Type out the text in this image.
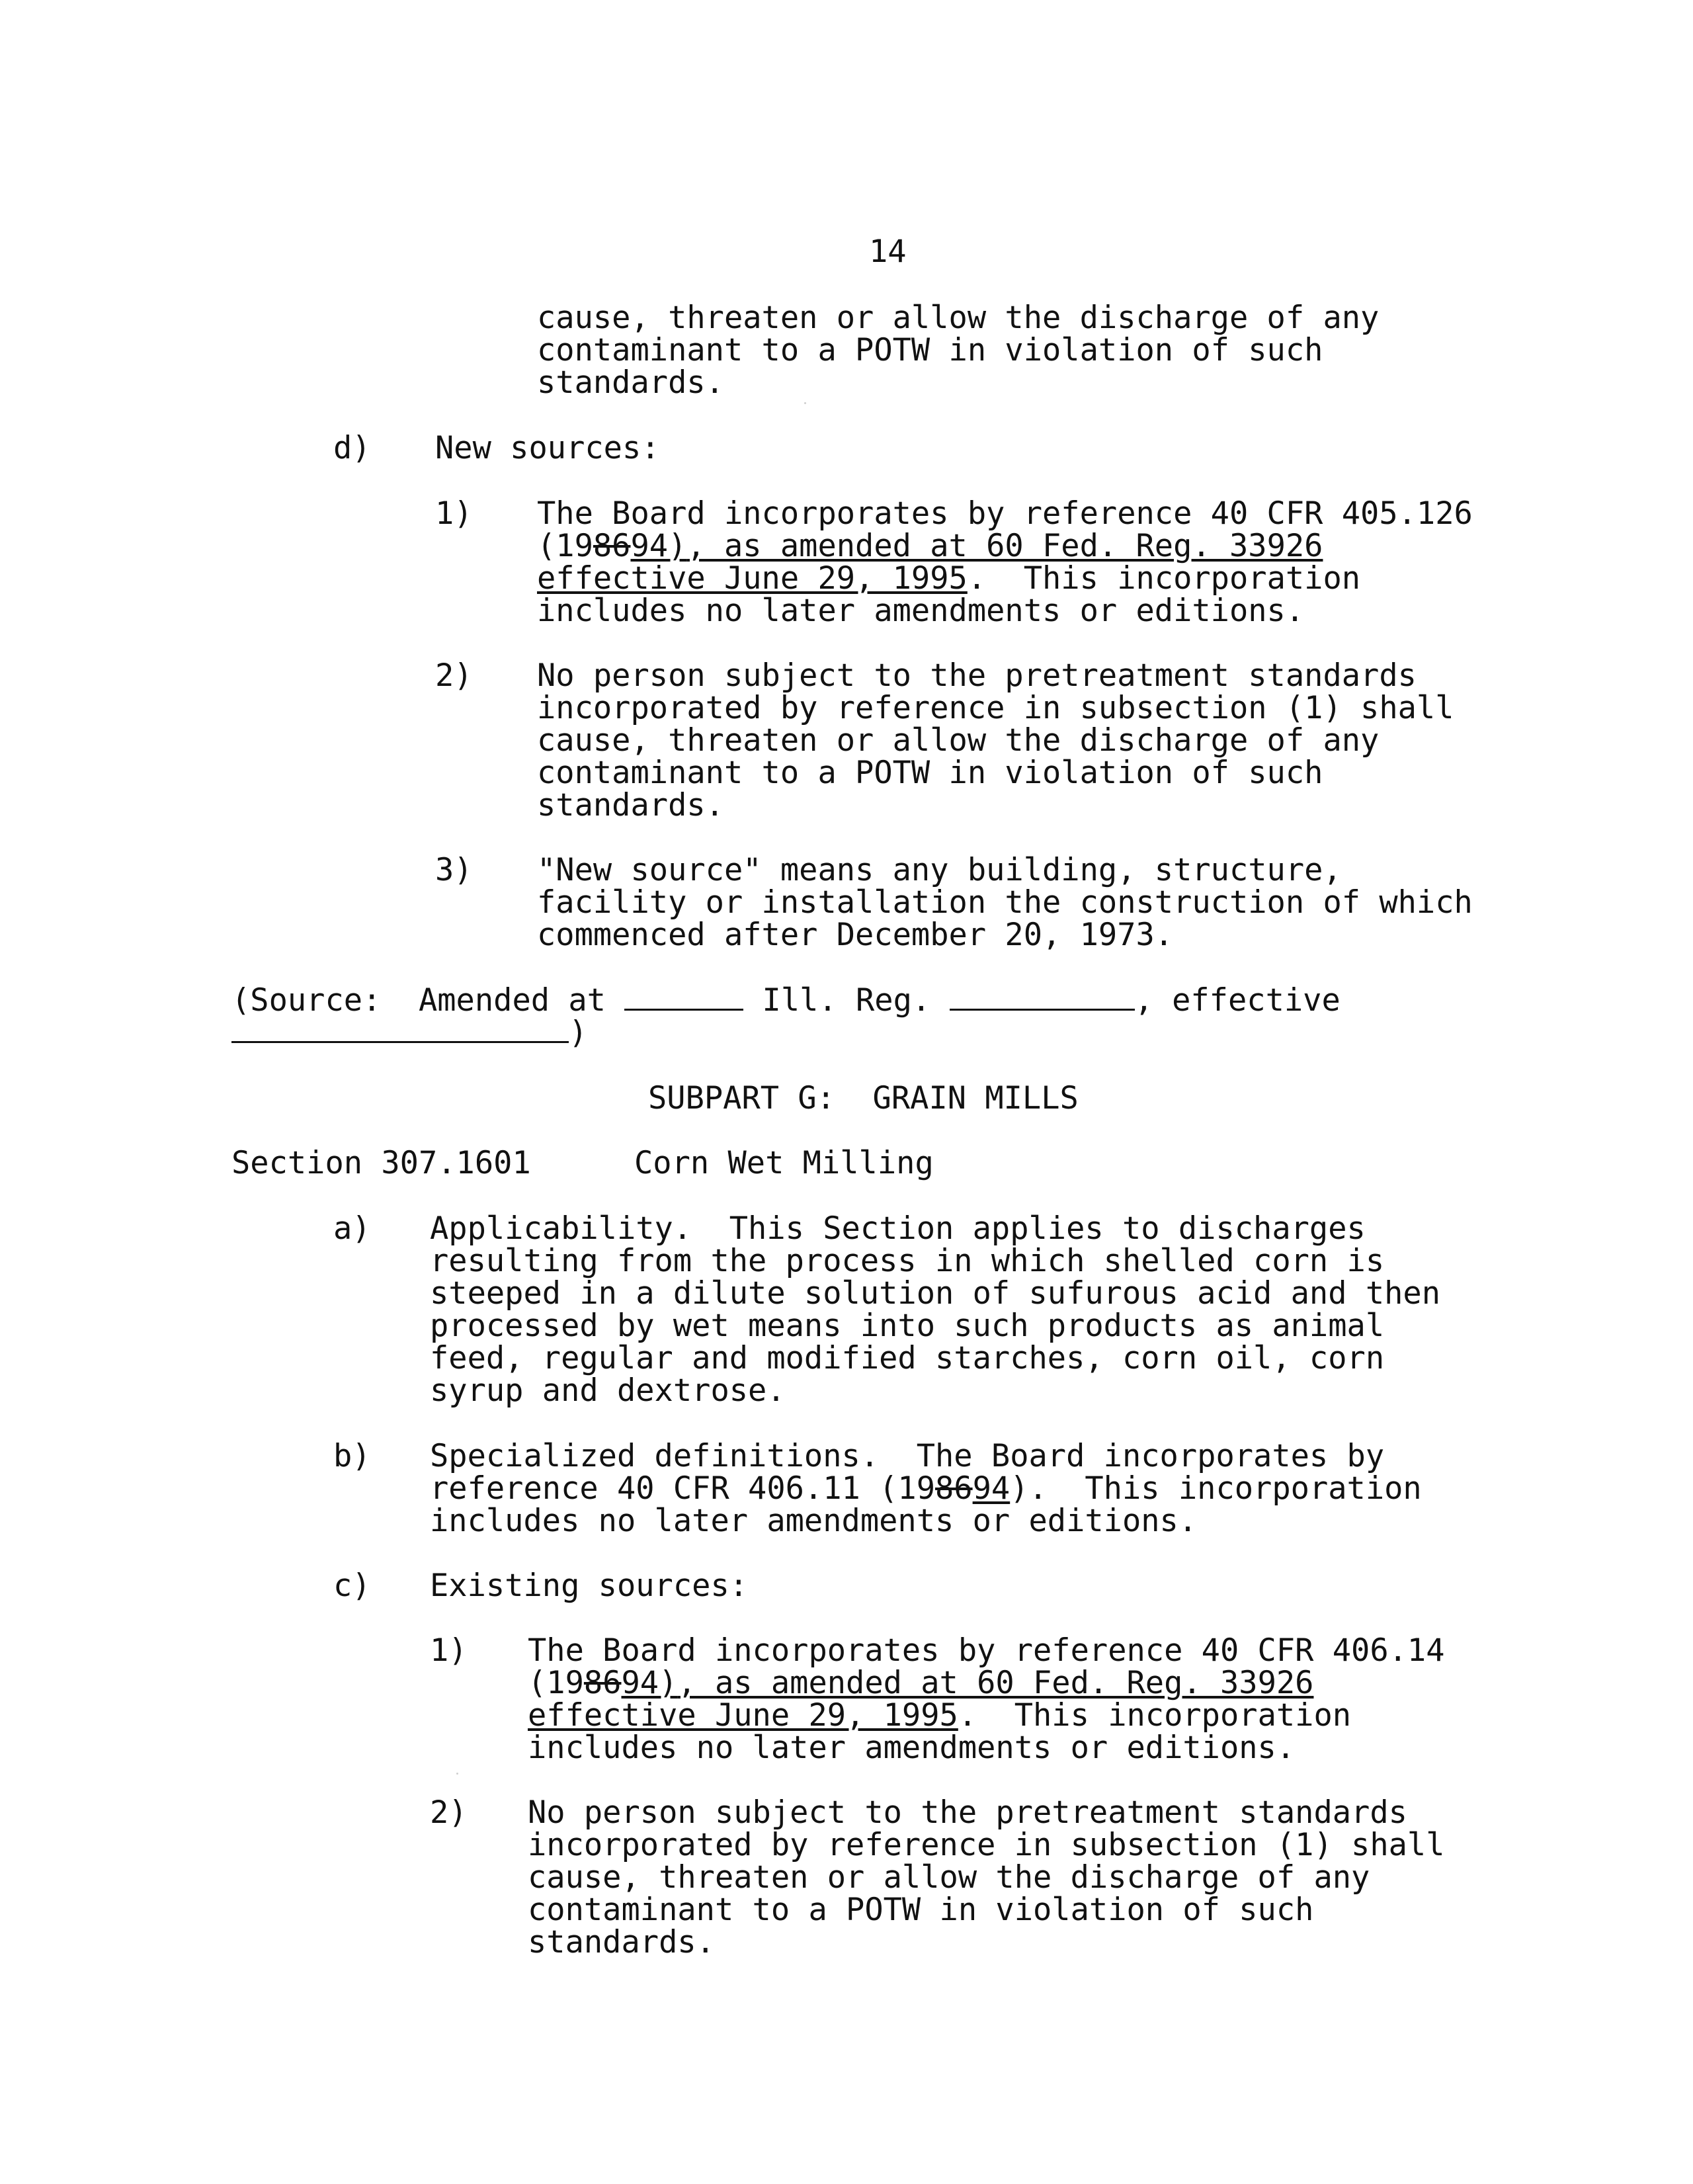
14
cause, threaten or allow the discharge of any
contaminant to a POTW in violation of such
standards.
d) New sources:
1) The Board incorporates by reference 40 CFR 405.126
(198694), as amended at 60 Fed. Reg. 33926
effective June 29, 1995.  This incorporation
includes no later amendments or editions.
2) No person subject to the pretreatment standards
incorporated by reference in subsection (1) shall
cause, threaten or allow the discharge of any
contaminant to a POTW in violation of such
standards.
3) "New source" means any building, structure,
facility or installation the construction of which
commenced after December 20, 1973.
(Source: Amended at	Ill. Reg.	, effective
)
SUBPART G:  GRAIN MILLS
Section 307.1601	Corn Wet Milling
a) Applicability.  This Section applies to discharges
resulting from the process in which shelled corn is
steeped in a dilute solution of sufurous acid and then
processed by wet means into such products as animal
feed, regular and modified starches, corn oil, corn
syrup and dextrose.
b) Specialized definitions.  The Board incorporates by
reference 40 CFR 406.11 (198694).  This incorporation
includes no later amendments or editions.
c) Existing sources:
1) The Board incorporates by reference 40 CFR 406.14
(198694), as amended at 60 Fed. Reg. 33926
effective June 29, 1995.  This incorporation
includes no later amendments or editions.
2) No person subject to the pretreatment standards
incorporated by reference in subsection (1) shall
cause, threaten or allow the discharge of any
contaminant to a POTW in violation of such
standards.
